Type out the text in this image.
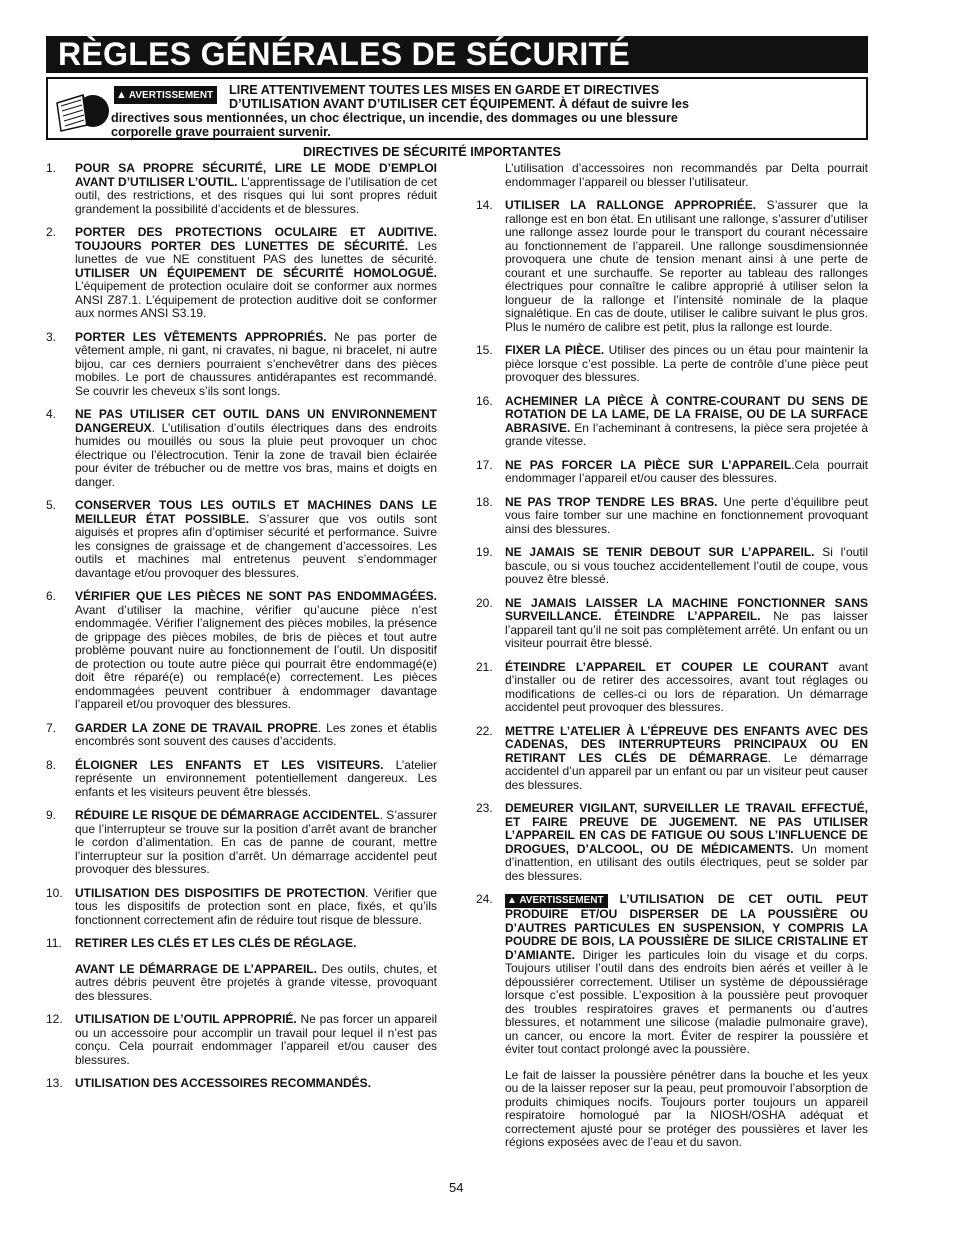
RÈGLES GÉNÉRALES DE SÉCURITÉ
▲ AVERTISSEMENT	LIRE ATTENTIVEMENT TOUTES LES MISES EN GARDE ET DIRECTIVES
D’UTILISATION AVANT D’UTILISER CET ÉQUIPEMENT. À défaut de suivre les
directives sous mentionnées, un choc électrique, un incendie, des dommages ou une blessure
corporelle grave pourraient survenir.
DIRECTIVES DE SÉCURITÉ IMPORTANTES
1.	POUR SA PROPRE SÉCURITÉ, LIRE LE MODE D’EMPLOI AVANT D’UTILISER L’OUTIL. L’apprentissage de l’utilisation de cet outil, des restrictions, et des risques qui lui sont propres réduit grandement la possibilité d’accidents et de blessures.

2.	PORTER DES PROTECTIONS OCULAIRE ET AUDITIVE. TOUJOURS PORTER DES LUNETTES DE SÉCURITÉ. Les lunettes de vue NE constituent PAS des lunettes de sécurité. UTILISER UN ÉQUIPEMENT DE SÉCURITÉ HOMOLOGUÉ. L’équipement de protection oculaire doit se conformer aux normes ANSI Z87.1. L’équipement de protection auditive doit se conformer aux normes ANSI S3.19.

3.	PORTER LES VÊTEMENTS APPROPRIÉS. Ne pas porter de vêtement ample, ni gant, ni cravates, ni bague, ni bracelet, ni autre bijou, car ces derniers pourraient s’enchevêtrer dans des pièces mobiles. Le port de chaussures antidérapantes est recommandé. Se couvrir les cheveux s’ils sont longs.

4.	NE PAS UTILISER CET OUTIL DANS UN ENVIRONNEMENT DANGEREUX. L’utilisation d’outils électriques dans des endroits humides ou mouillés ou sous la pluie peut provoquer un choc électrique ou l’électrocution. Tenir la zone de travail bien éclairée pour éviter de trébucher ou de mettre vos bras, mains et doigts en danger.

5.	CONSERVER TOUS LES OUTILS ET MACHINES DANS LE MEILLEUR ÉTAT POSSIBLE. S’assurer que vos outils sont aiguisés et propres afin d’optimiser sécurité et performance. Suivre les consignes de graissage et de changement d’accessoires. Les outils et machines mal entretenus peuvent s’endommager davantage et/ou provoquer des blessures.

6.	VÉRIFIER QUE LES PIÈCES NE SONT PAS ENDOMMAGÉES. Avant d’utiliser la machine, vérifier qu’aucune pièce n’est endommagée. Vérifier l’alignement des pièces mobiles, la présence de grippage des pièces mobiles, de bris de pièces et tout autre problème pouvant nuire au fonctionnement de l’outil. Un dispositif de protection ou toute autre pièce qui pourrait être endommagé(e) doit être réparé(e) ou remplacé(e) correctement. Les pièces endommagées peuvent contribuer à endommager davantage l’appareil et/ou provoquer des blessures.

7.	GARDER LA ZONE DE TRAVAIL PROPRE. Les zones et établis encombrés sont souvent des causes d’accidents.

8.	ÉLOIGNER LES ENFANTS ET LES VISITEURS. L’atelier représente un environnement potentiellement dangereux. Les enfants et les visiteurs peuvent être blessés.

9.	RÉDUIRE LE RISQUE DE DÉMARRAGE ACCIDENTEL. S’assurer que l’interrupteur se trouve sur la position d’arrêt avant de brancher le cordon d’alimentation. En cas de panne de courant, mettre l’interrupteur sur la position d’arrêt. Un démarrage accidentel peut provoquer des blessures.

10.	UTILISATION DES DISPOSITIFS DE PROTECTION. Vérifier que tous les dispositifs de protection sont en place, fixés, et qu’ils fonctionnent correctement afin de réduire tout risque de blessure.

11.	RETIRER LES CLÉS ET LES CLÉS DE RÉGLAGE.

AVANT LE DÉMARRAGE DE L’APPAREIL. Des outils, chutes, et autres débris peuvent être projetés à grande vitesse, provoquant des blessures.

12.	UTILISATION DE L’OUTIL APPROPRIÉ. Ne pas forcer un appareil ou un accessoire pour accomplir un travail pour lequel il n’est pas conçu. Cela pourrait endommager l’appareil et/ou causer des blessures.

13.	UTILISATION DES ACCESSOIRES RECOMMANDÉS.

L’utilisation d’accessoires non recommandés par Delta pourrait endommager l’appareil ou blesser l’utilisateur.
14.	UTILISER LA RALLONGE APPROPRIÉE. S’assurer que la rallonge est en bon état. En utilisant une rallonge, s’assurer d’utiliser une rallonge assez lourde pour le transport du courant nécessaire au fonctionnement de l’appareil. Une rallonge sousdimensionnée provoquera une chute de tension menant ainsi à une perte de courant et une surchauffe. Se reporter au tableau des rallonges électriques pour connaître le calibre approprié à utiliser selon la longueur de la rallonge et l’intensité nominale de la plaque signalétique. En cas de doute, utiliser le calibre suivant le plus gros. Plus le numéro de calibre est petit, plus la rallonge est lourde.

15.	FIXER LA PIÈCE. Utiliser des pinces ou un étau pour maintenir la pièce lorsque c’est possible. La perte de contrôle d’une pièce peut provoquer des blessures.

16.	ACHEMINER LA PIÈCE À CONTRE-COURANT DU SENS DE ROTATION DE LA LAME, DE LA FRAISE, OU DE LA SURFACE ABRASIVE. En l’acheminant à contresens, la pièce sera projetée à grande vitesse.

17.	NE PAS FORCER LA PIÈCE SUR L’APPAREIL.Cela pourrait endommager l’appareil et/ou causer des blessures.

18.	NE PAS TROP TENDRE LES BRAS. Une perte d’équilibre peut vous faire tomber sur une machine en fonctionnement provoquant ainsi des blessures.

19.	NE JAMAIS SE TENIR DEBOUT SUR L’APPAREIL. Si l’outil bascule, ou si vous touchez accidentellement l’outil de coupe, vous pouvez être blessé.

20.	NE JAMAIS LAISSER LA MACHINE FONCTIONNER SANS SURVEILLANCE. ÉTEINDRE L’APPAREIL. Ne pas laisser l’appareil tant qu’il ne soit pas complètement arrêté. Un enfant ou un visiteur pourrait être blessé.

21.	ÉTEINDRE L’APPAREIL ET COUPER LE COURANT avant d’installer ou de retirer des accessoires, avant tout réglages ou modifications de celles-ci ou lors de réparation. Un démarrage accidentel peut provoquer des blessures.

22.	METTRE L’ATELIER À L’ÉPREUVE DES ENFANTS AVEC DES CADENAS, DES INTERRUPTEURS PRINCIPAUX OU EN RETIRANT LES CLÉS DE DÉMARRAGE. Le démarrage accidentel d’un appareil par un enfant ou par un visiteur peut causer des blessures.

23.	DEMEURER VIGILANT, SURVEILLER LE TRAVAIL EFFECTUÉ, ET FAIRE PREUVE DE JUGEMENT. NE PAS UTILISER L’APPAREIL EN CAS DE FATIGUE OU SOUS L’INFLUENCE DE DROGUES, D’ALCOOL, OU DE MÉDICAMENTS. Un moment d’inattention, en utilisant des outils électriques, peut se solder par des blessures.

24.	▲ AVERTISSEMENT L’UTILISATION DE CET OUTIL PEUT PRODUIRE ET/OU DISPERSER DE LA POUSSIÈRE OU D’AUTRES PARTICULES EN SUSPENSION, Y COMPRIS LA POUDRE DE BOIS, LA POUSSIÈRE DE SILICE CRISTALINE ET D’AMIANTE. Diriger les particules loin du visage et du corps. Toujours utiliser l’outil dans des endroits bien aérés et veiller à le dépoussiérer correctement. Utiliser un système de dépoussiérage lorsque c’est possible. L’exposition à la poussière peut provoquer des troubles respiratoires graves et permanents ou d’autres blessures, et notamment une silicose (maladie pulmonaire grave), un cancer, ou encore la mort. Éviter de respirer la poussière et éviter tout contact prolongé avec la poussière.

Le fait de laisser la poussière pénétrer dans la bouche et les yeux ou de la laisser reposer sur la peau, peut promouvoir l’absorption de produits chimiques nocifs. Toujours porter toujours un appareil respiratoire homologué par la NIOSH/OSHA adéquat et correctement ajusté pour se protéger des poussières et laver les régions exposées avec de l’eau et du savon.

54
